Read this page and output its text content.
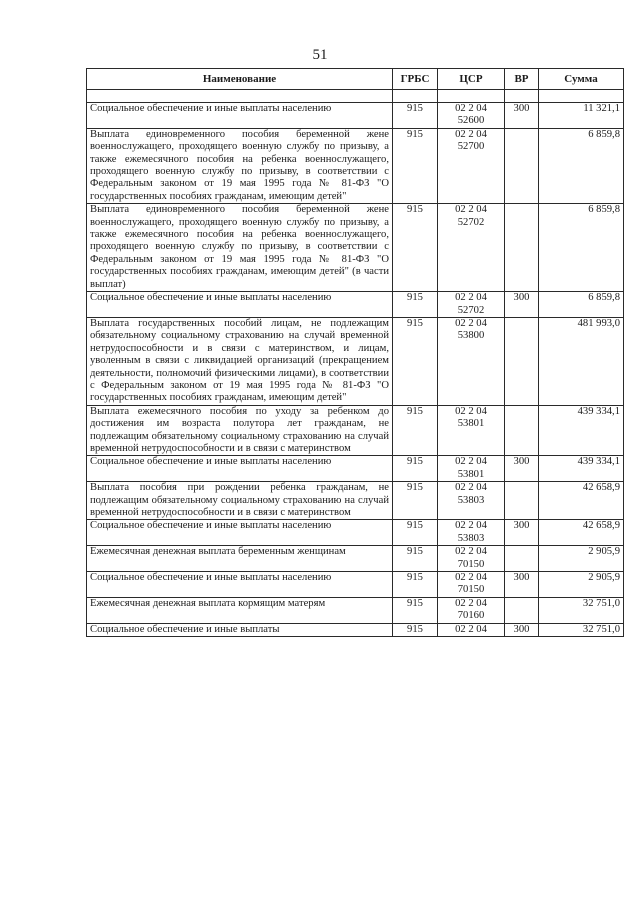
51
Наименование	ГРБС	ЦСР	ВР	Сумма

Социальное обеспечение и иные выплаты населению	915	02 2 04 52600	300	11 321,1
Выплата единовременного пособия беременной жене военнослужащего, проходящего военную службу по призыву, а также ежемесячного пособия на ребенка военнослужащего, проходящего военную службу по призыву, в соответствии с Федеральным законом от 19 мая 1995 года № 81-ФЗ "О государственных пособиях гражданам, имеющим детей"	915	02 2 04 52700		6 859,8
Выплата единовременного пособия беременной жене военнослужащего, проходящего военную службу по призыву, а также ежемесячного пособия на ребенка военнослужащего, проходящего военную службу по призыву, в соответствии с Федеральным законом от 19 мая 1995 года № 81-ФЗ "О государственных пособиях гражданам, имеющим детей" (в части выплат)	915	02 2 04 52702		6 859,8
Социальное обеспечение и иные выплаты населению	915	02 2 04 52702	300	6 859,8
Выплата государственных пособий лицам, не подлежащим обязательному социальному страхованию на случай временной нетрудоспособности и в связи с материнством, и лицам, уволенным в связи с ликвидацией организаций (прекращением деятельности, полномочий физическими лицами), в соответствии с Федеральным законом от 19 мая 1995 года № 81-ФЗ "О государственных пособиях гражданам, имеющим детей"	915	02 2 04 53800		481 993,0
Выплата ежемесячного пособия по уходу за ребенком до достижения им возраста полутора лет гражданам, не подлежащим обязательному социальному страхованию на случай временной нетрудоспособности и в связи с материнством	915	02 2 04 53801		439 334,1
Социальное обеспечение и иные выплаты населению	915	02 2 04 53801	300	439 334,1
Выплата пособия при рождении ребенка гражданам, не подлежащим обязательному социальному страхованию на случай временной нетрудоспособности и в связи с материнством	915	02 2 04 53803		42 658,9
Социальное обеспечение и иные выплаты населению	915	02 2 04 53803	300	42 658,9
Ежемесячная денежная выплата беременным женщинам	915	02 2 04 70150		2 905,9
Социальное обеспечение и иные выплаты населению	915	02 2 04 70150	300	2 905,9
Ежемесячная денежная выплата кормящим матерям	915	02 2 04 70160		32 751,0
Социальное обеспечение и иные выплаты	915	02 2 04	300	32 751,0
